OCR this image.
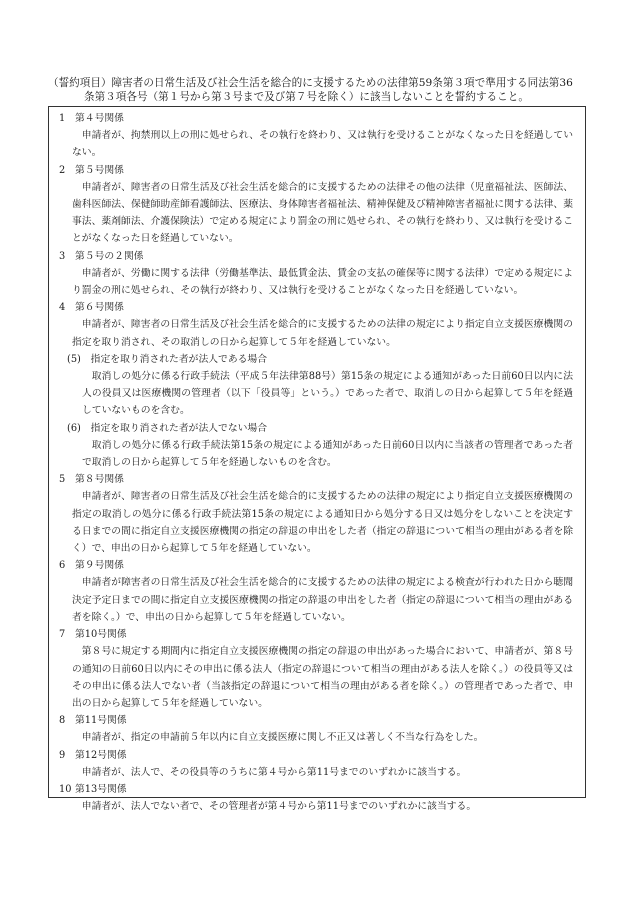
（誓約項目）障害者の日常生活及び社会生活を総合的に支援するための法律第59条第３項で準用する同法第36
条第３項各号（第１号から第３号まで及び第７号を除く）に該当しないことを誓約すること。

1 第４号関係

申請者が、拘禁刑以上の刑に処せられ、その執行を終わり、又は執行を受けることがなくなった日を経過していない。

2 第５号関係

申請者が、障害者の日常生活及び社会生活を総合的に支援するための法律その他の法律（児童福祉法、医師法、歯科医師法、保健師助産師看護師法、医療法、身体障害者福祉法、精神保健及び精神障害者福祉に関する法律、薬事法、薬剤師法、介護保険法）で定める規定により罰金の刑に処せられ、その執行を終わり、又は執行を受けることがなくなった日を経過していない。

3 第５号の２関係

申請者が、労働に関する法律（労働基準法、最低賃金法、賃金の支払の確保等に関する法律）で定める規定により罰金の刑に処せられ、その執行が終わり、又は執行を受けることがなくなった日を経過していない。

4 第６号関係

申請者が、障害者の日常生活及び社会生活を総合的に支援するための法律の規定により指定自立支援医療機関の指定を取り消され、その取消しの日から起算して５年を経過していない。

(5)　指定を取り消された者が法人である場合

取消しの処分に係る行政手続法（平成５年法律第88号）第15条の規定による通知があった日前60日以内に法人の役員又は医療機関の管理者（以下「役員等」という。）であった者で、取消しの日から起算して５年を経過していないものを含む。

(6)　指定を取り消された者が法人でない場合

取消しの処分に係る行政手続法第15条の規定による通知があった日前60日以内に当該者の管理者であった者で取消しの日から起算して５年を経過しないものを含む。

5 第８号関係

申請者が、障害者の日常生活及び社会生活を総合的に支援するための法律の規定により指定自立支援医療機関の指定の取消しの処分に係る行政手続法第15条の規定による通知日から処分する日又は処分をしないことを決定する日までの間に指定自立支援医療機関の指定の辞退の申出をした者（指定の辞退について相当の理由がある者を除く）で、申出の日から起算して５年を経過していない。

6 第９号関係

申請者が障害者の日常生活及び社会生活を総合的に支援するための法律の規定による検査が行われた日から聴聞決定予定日までの間に指定自立支援医療機関の指定の辞退の申出をした者（指定の辞退について相当の理由がある者を除く。）で、申出の日から起算して５年を経過していない。

7 第10号関係

第８号に規定する期間内に指定自立支援医療機関の指定の辞退の申出があった場合において、申請者が、第８号の通知の日前60日以内にその申出に係る法人（指定の辞退について相当の理由がある法人を除く。）の役員等又はその申出に係る法人でない者（当該指定の辞退について相当の理由がある者を除く。）の管理者であった者で、申出の日から起算して５年を経過していない。

8 第11号関係

申請者が、指定の申請前５年以内に自立支援医療に関し不正又は著しく不当な行為をした。

9 第12号関係

申請者が、法人で、その役員等のうちに第４号から第11号までのいずれかに該当する。

10 第13号関係

申請者が、法人でない者で、その管理者が第４号から第11号までのいずれかに該当する。
